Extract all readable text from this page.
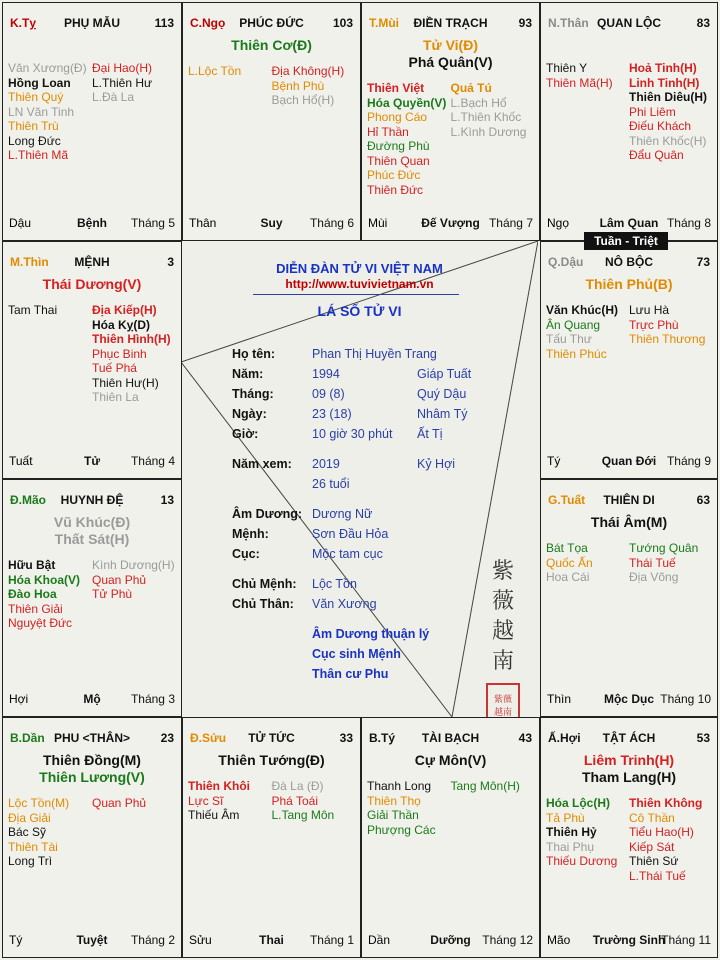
DIỄN ĐÀN TỬ VI VIỆT NAM
http://www.tuvivietnam.vn
LÁ SỐ TỬ VI
Họ tên:	Phan Thị Huyền Trang
Năm:	1994	Giáp Tuất
Tháng:	09 (8)	Quý Dậu
Ngày:	23 (18)	Nhâm Tý
Giờ:	10 giờ 30 phút Ất Tị
Năm xem: 2019	Kỷ Hợi
26 tuổi
Âm Dương: Dương Nữ
Mệnh:	Sơn Đầu Hỏa
Cục:	Mộc tam cục
Chủ Mệnh: Lộc Tồn
Chủ Thân: Văn Xương
Âm Dương thuận lý
Cục sinh Mệnh
Thân cư Phu
紫
薇
越
南
紫薇
越南
PHỤ MẪU
K.Tỵ	113
Văn Xương(Đ)
Hồng Loan
Thiên Quý
LN Văn Tinh
Thiên Trù
Long Đức
L.Thiên Mã
Đại Hao(H)
L.Thiên Hư
L.Đà La
Bệnh
Dậu	Tháng 5
PHÚC ĐỨC
C.Ngọ	103
Thiên Cơ(Đ)
L.Lộc Tồn	Địa Không(H)
Bệnh Phù
Bạch Hổ(H)
Suy
Thân	Tháng 6
ĐIỀN TRẠCH
T.Mùi	93
Tử Vi(Đ)
Phá Quân(V)
Thiên Việt
Hóa Quyền(V)
Phong Cáo
Hỉ Thần
Đường Phù
Thiên Quan
Phúc Đức
Thiên Đức
Quả Tú
L.Bạch Hổ
L.Thiên Khốc
L.Kình Dương
Đế Vượng
Mùi	Tháng 7
QUAN LỘC
N.Thân	83
Thiên Y
Thiên Mã(H)
Hoả Tinh(H)
Linh Tinh(H)
Thiên Diêu(H)
Phi Liêm
Điếu Khách
Thiên Khốc(H)
Đẩu Quân
Lâm Quan
Ngọ	Tháng 8
MỆNH
M.Thìn	3
Thái Dương(V)
Tam Thai	Địa Kiếp(H)
Hóa Kỵ(D)
Thiên Hình(H)
Phục Binh
Tuế Phá
Thiên Hư(H)
Thiên La
Tử
Tuất	Tháng 4
NÔ BỘC
Q.Dậu	73
Thiên Phủ(B)
Văn Khúc(H)
Ân Quang
Tấu Thư
Thiên Phúc
Lưu Hà
Trực Phù
Thiên Thương
Quan Đới
Tý	Tháng 9
HUYNH ĐỆ
Đ.Mão	13
Vũ Khúc(Đ)
Thất Sát(H)
Hữu Bật
Hóa Khoa(V)
Đào Hoa
Thiên Giải
Nguyệt Đức
Kình Dương(H)
Quan Phủ
Tử Phù
Mộ
Hợi	Tháng 3
THIÊN DI
G.Tuất	63
Thái Âm(M)
Bát Tọa
Quốc Ấn
Hoa Cái
Tướng Quân
Thái Tuế
Địa Võng
Mộc Dục
Thìn	Tháng 10
PHU <THÂN>
B.Dần	23
Thiên Đồng(M)
Thiên Lương(V)
Lộc Tồn(M)
Địa Giải
Bác Sỹ
Thiên Tài
Long Trì
Quan Phủ
Tuyệt
Tý	Tháng 2
TỬ TỨC
Đ.Sửu	33
Thiên Tướng(Đ)
Thiên Khôi
Lực Sĩ
Thiếu Âm
Đà La (Đ)
Phá Toái
L.Tang Môn
Thai
Sửu	Tháng 1
TÀI BẠCH
B.Tý	43
Cự Môn(V)
Thanh Long
Thiên Thọ
Giải Thần
Phượng Các
Tang Môn(H)
Dưỡng
Dần	Tháng 12
TẬT ÁCH
Ấ.Hợi	53
Liêm Trinh(H)
Tham Lang(H)
Hóa Lộc(H)
Tả Phù
Thiên Hỷ
Thai Phụ
Thiếu Dương
Thiên Không
Cô Thần
Tiểu Hao(H)
Kiếp Sát
Thiên Sứ
L.Thái Tuế
Trường Sinh
Mão	Tháng 11
Tuần - Triệt
